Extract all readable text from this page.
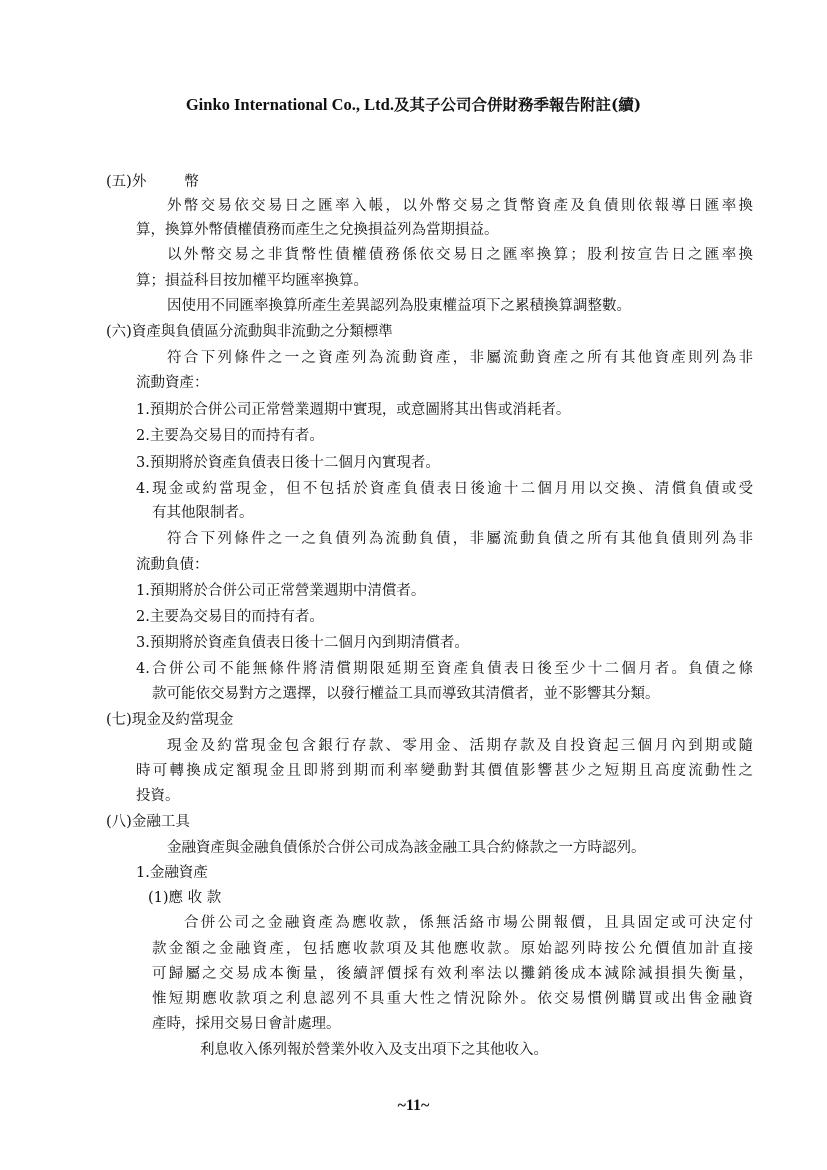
Ginko International Co., Ltd.及其子公司合併財務季報告附註(續)
(五)外	幣
外幣交易依交易日之匯率入帳，以外幣交易之貨幣資產及負債則依報導日匯率換
算，換算外幣債權債務而產生之兌換損益列為當期損益。
以外幣交易之非貨幣性債權債務係依交易日之匯率換算；股利按宣告日之匯率換
算；損益科目按加權平均匯率換算。
因使用不同匯率換算所產生差異認列為股東權益項下之累積換算調整數。
(六)資產與負債區分流動與非流動之分類標準
符合下列條件之一之資產列為流動資產，非屬流動資產之所有其他資產則列為非
流動資產：
1.預期於合併公司正常營業週期中實現，或意圖將其出售或消耗者。
2.主要為交易目的而持有者。
3.預期將於資產負債表日後十二個月內實現者。
4.現金或約當現金，但不包括於資產負債表日後逾十二個月用以交換、清償負債或受
有其他限制者。
符合下列條件之一之負債列為流動負債，非屬流動負債之所有其他負債則列為非
流動負債：
1.預期將於合併公司正常營業週期中清償者。
2.主要為交易目的而持有者。
3.預期將於資產負債表日後十二個月內到期清償者。
4.合併公司不能無條件將清償期限延期至資產負債表日後至少十二個月者。負債之條
款可能依交易對方之選擇，以發行權益工具而導致其清償者，並不影響其分類。
(七)現金及約當現金
現金及約當現金包含銀行存款、零用金、活期存款及自投資起三個月內到期或隨
時可轉換成定額現金且即將到期而利率變動對其價值影響甚少之短期且高度流動性之
投資。
(八)金融工具
金融資產與金融負債係於合併公司成為該金融工具合約條款之一方時認列。
1.金融資產
(1)應 收 款
合併公司之金融資產為應收款，係無活絡市場公開報價，且具固定或可決定付
款金額之金融資產，包括應收款項及其他應收款。原始認列時按公允價值加計直接
可歸屬之交易成本衡量，後續評價採有效利率法以攤銷後成本減除減損損失衡量，
惟短期應收款項之利息認列不具重大性之情況除外。依交易慣例購買或出售金融資
產時，採用交易日會計處理。
利息收入係列報於營業外收入及支出項下之其他收入。
~11~
